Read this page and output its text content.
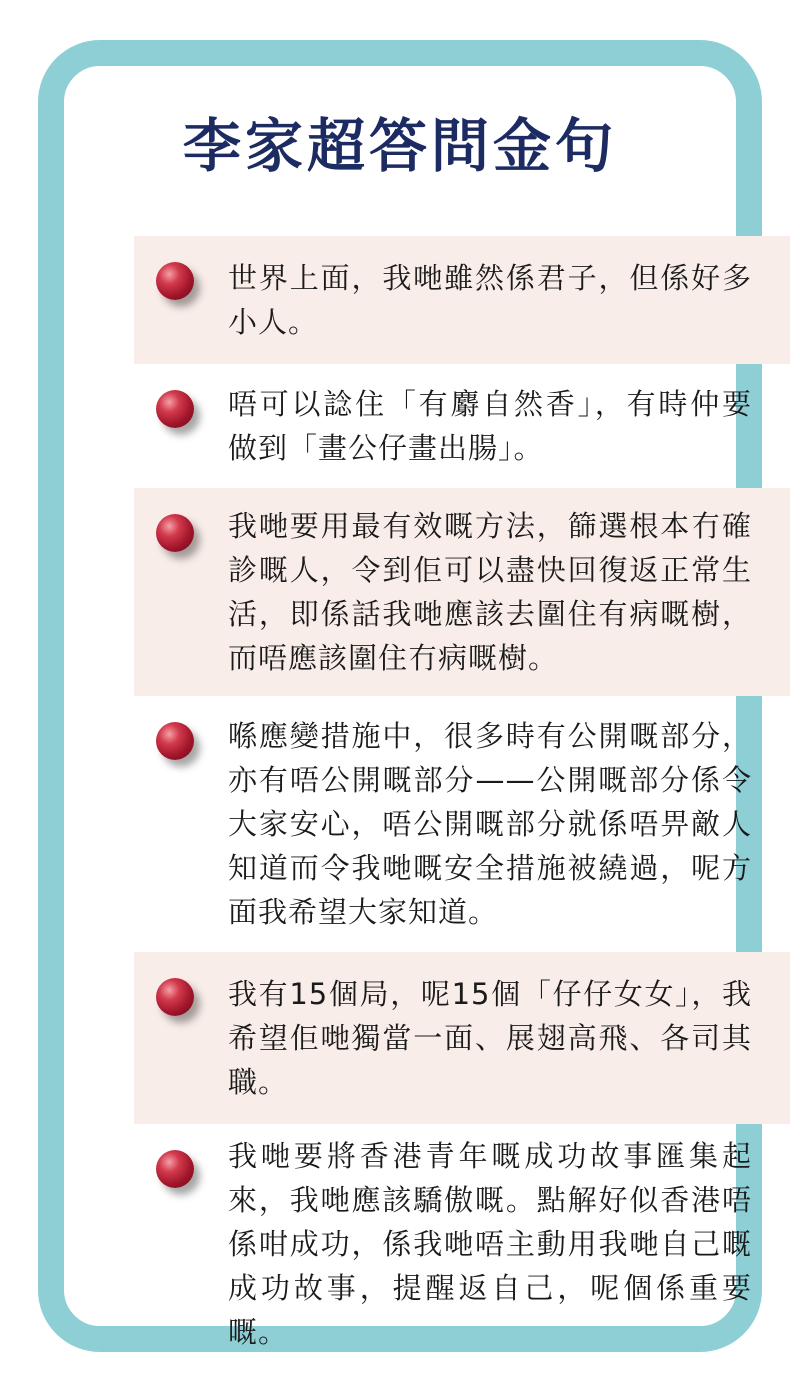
李家超答問金句
世界上面，我哋雖然係君子，但係好多小人。
唔可以諗住「有麝自然香」，有時仲要做到「畫公仔畫出腸」。
我哋要用最有效嘅方法，篩選根本冇確診嘅人，令到佢可以盡快回復返正常生活，即係話我哋應該去圍住有病嘅樹，而唔應該圍住冇病嘅樹。
喺應變措施中，很多時有公開嘅部分，亦有唔公開嘅部分——公開嘅部分係令大家安心，唔公開嘅部分就係唔畀敵人知道而令我哋嘅安全措施被繞過，呢方面我希望大家知道。
我有15個局，呢15個「仔仔女女」，我希望佢哋獨當一面、展翅高飛、各司其職。
我哋要將香港青年嘅成功故事匯集起來，我哋應該驕傲嘅。點解好似香港唔係咁成功，係我哋唔主動用我哋自己嘅成功故事，提醒返自己，呢個係重要嘅。
